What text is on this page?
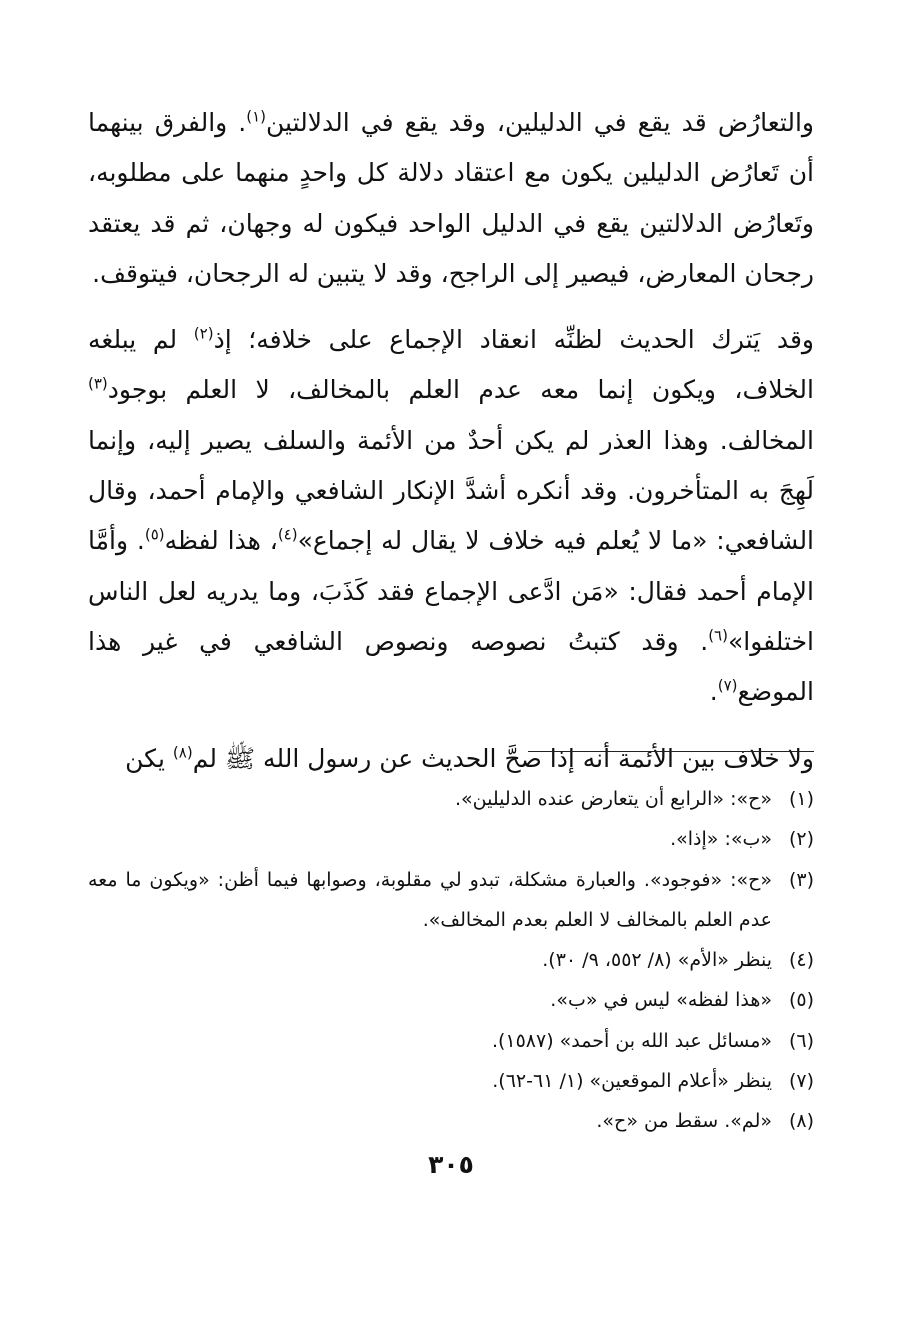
والتعارُض قد يقع في الدليلين، وقد يقع في الدلالتين$^{(١)}$. والفرق بينهما أن تَعارُض الدليلين يكون مع اعتقاد دلالة كل واحدٍ منهما على مطلوبه، وتَعارُض الدلالتين يقع في الدليل الواحد فيكون له وجهان، ثم قد يعتقد رجحان المعارض، فيصير إلى الراجح، وقد لا يتبين له الرجحان، فيتوقف.

وقد يَترك الحديث لظنِّه انعقاد الإجماع على خلافه؛ إذ$^{(٢)}$ لم يبلغه الخلاف، ويكون إنما معه عدم العلم بالمخالف، لا العلم بوجود$^{(٣)}$ المخالف. وهذا العذر لم يكن أحدٌ من الأئمة والسلف يصير إليه، وإنما لَهِجَ به المتأخرون. وقد أنكره أشدَّ الإنكار الشافعي والإمام أحمد، وقال الشافعي: «ما لا يُعلم فيه خلاف لا يقال له إجماع»$^{(٤)}$، هذا لفظه$^{(٥)}$. وأمَّا الإمام أحمد فقال: «مَن ادَّعى الإجماع فقد كَذَبَ، وما يدريه لعل الناس اختلفوا»$^{(٦)}$. وقد كتبتُ نصوصه ونصوص الشافعي في غير هذا الموضع$^{(٧)}$.

ولا خلاف بين الأئمة أنه إذا صحَّ الحديث عن رسول الله ﷺ لم$^{(٨)}$ يكن

(١)
«ح»: «الرابع أن يتعارض عنده الدليلين».
(٢)
«ب»: «إذا».
(٣)
«ح»: «فوجود». والعبارة مشكلة، تبدو لي مقلوبة، وصوابها فيما أظن: «ويكون ما معه عدم العلم بالمخالف لا العلم بعدم المخالف».
(٤)
ينظر «الأم» (٨/ ٥٥٢، ٩/ ٣٠).
(٥)
«هذا لفظه» ليس في «ب».
(٦)
«مسائل عبد الله بن أحمد» (١٥٨٧).
(٧)
ينظر «أعلام الموقعين» (١/ ٦١-٦٢).
(٨)
«لم». سقط من «ح».
٣٠٥
